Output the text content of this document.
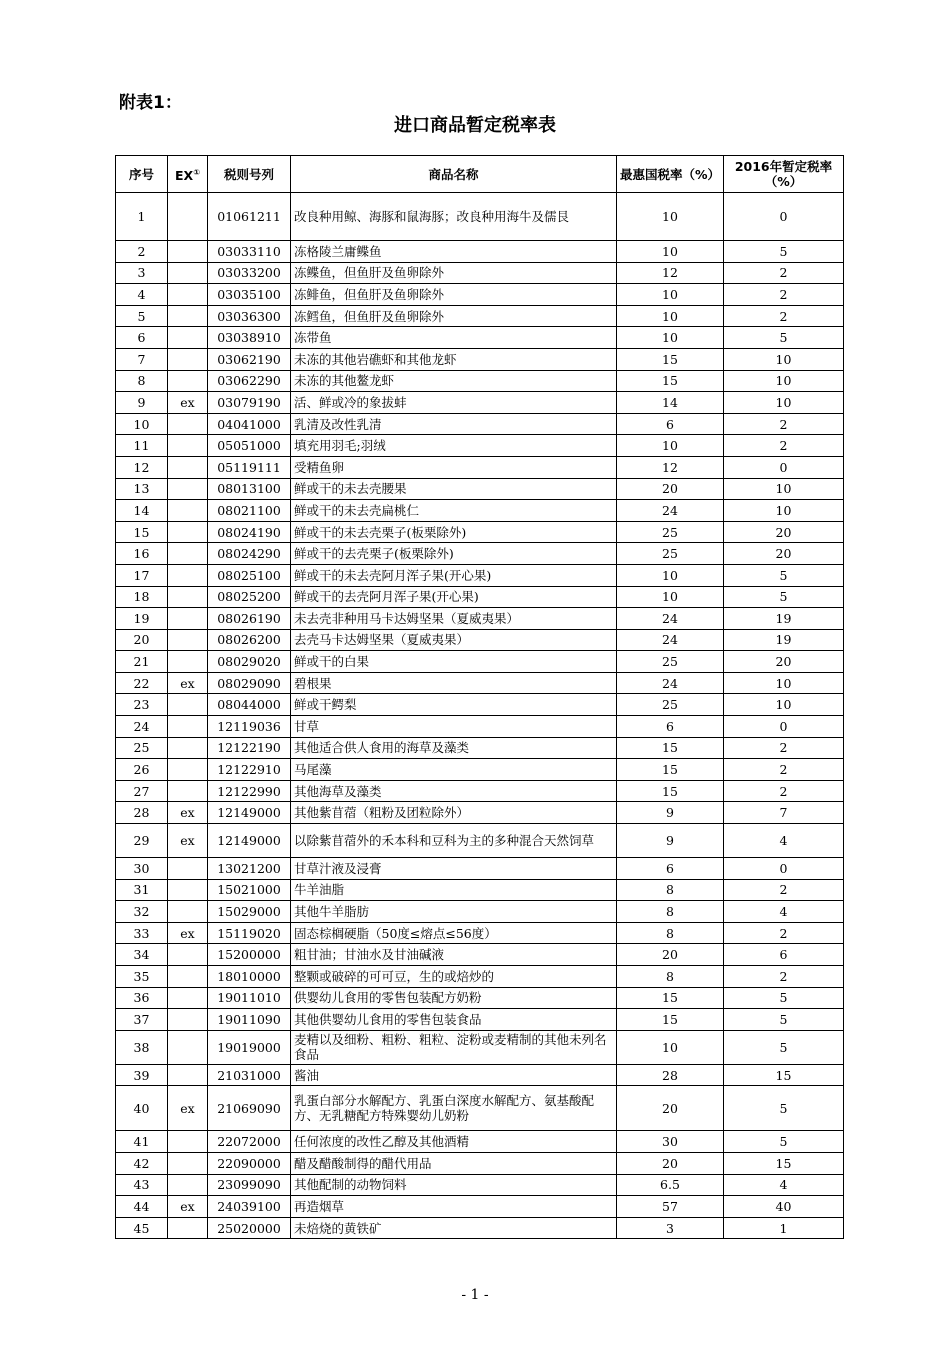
附表1：
进口商品暂定税率表
序号	EX①	税则号列	商品名称	最惠国税率（%）	2016年暂定税率（%）
1		01061211	改良种用鲸、海豚和鼠海豚；改良种用海牛及儒艮	10	0
2		03033110	冻格陵兰庸鲽鱼	10	5
3		03033200	冻鲽鱼，但鱼肝及鱼卵除外	12	2
4		03035100	冻鲱鱼，但鱼肝及鱼卵除外	10	2
5		03036300	冻鳕鱼，但鱼肝及鱼卵除外	10	2
6		03038910	冻带鱼	10	5
7		03062190	未冻的其他岩礁虾和其他龙虾	15	10
8		03062290	未冻的其他鳌龙虾	15	10
9	ex	03079190	活、鲜或冷的象拔蚌	14	10
10		04041000	乳清及改性乳清	6	2
11		05051000	填充用羽毛;羽绒	10	2
12		05119111	受精鱼卵	12	0
13		08013100	鲜或干的未去壳腰果	20	10
14		08021100	鲜或干的未去壳扁桃仁	24	10
15		08024190	鲜或干的未去壳栗子(板栗除外)	25	20
16		08024290	鲜或干的去壳栗子(板栗除外)	25	20
17		08025100	鲜或干的未去壳阿月浑子果(开心果)	10	5
18		08025200	鲜或干的去壳阿月浑子果(开心果)	10	5
19		08026190	未去壳非种用马卡达姆坚果（夏威夷果）	24	19
20		08026200	去壳马卡达姆坚果（夏威夷果）	24	19
21		08029020	鲜或干的白果	25	20
22	ex	08029090	碧根果	24	10
23		08044000	鲜或干鳄梨	25	10
24		12119036	甘草	6	0
25		12122190	其他适合供人食用的海草及藻类	15	2
26		12122910	马尾藻	15	2
27		12122990	其他海草及藻类	15	2
28	ex	12149000	其他紫苜蓿（粗粉及团粒除外）	9	7
29	ex	12149000	以除紫苜蓿外的禾本科和豆科为主的多种混合天然饲草	9	4
30		13021200	甘草汁液及浸膏	6	0
31		15021000	牛羊油脂	8	2
32		15029000	其他牛羊脂肪	8	4
33	ex	15119020	固态棕榈硬脂（50度≤熔点≤56度）	8	2
34		15200000	粗甘油；甘油水及甘油碱液	20	6
35		18010000	整颗或破碎的可可豆，生的或焙炒的	8	2
36		19011010	供婴幼儿食用的零售包装配方奶粉	15	5
37		19011090	其他供婴幼儿食用的零售包装食品	15	5
38		19019000	麦精以及细粉、粗粉、粗粒、淀粉或麦精制的其他未列名食品	10	5
39		21031000	酱油	28	15
40	ex	21069090	乳蛋白部分水解配方、乳蛋白深度水解配方、氨基酸配方、无乳糖配方特殊婴幼儿奶粉	20	5
41		22072000	任何浓度的改性乙醇及其他酒精	30	5
42		22090000	醋及醋酸制得的醋代用品	20	15
43		23099090	其他配制的动物饲料	6.5	4
44	ex	24039100	再造烟草	57	40
45		25020000	未焙烧的黄铁矿	3	1
- 1 -
